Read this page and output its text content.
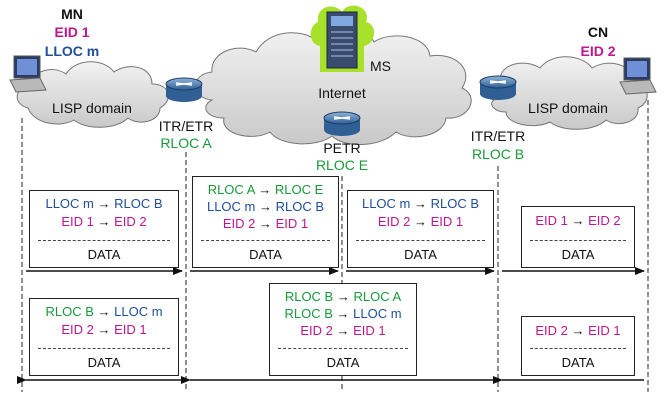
MN
EID 1
LLOC m
CN
EID 2
MS
Internet
LISP domain	LISP domain
ITR/ETR
RLOC A	PETR
RLOC E
ITR/ETR
RLOC B
LLOC m → RLOC B
EID 1 → EID 2
DATA
RLOC A → RLOC E
LLOC m → RLOC B
EID 2 → EID 1
DATA
LLOC m → RLOC B
EID 2 → EID 1
DATA
EID 1 → EID 2
DATA
RLOC B → LLOC m
EID 2 → EID 1
DATA
RLOC B → RLOC A
RLOC B → LLOC m
EID 2 → EID 1
DATA
EID 2 → EID 1
DATA
